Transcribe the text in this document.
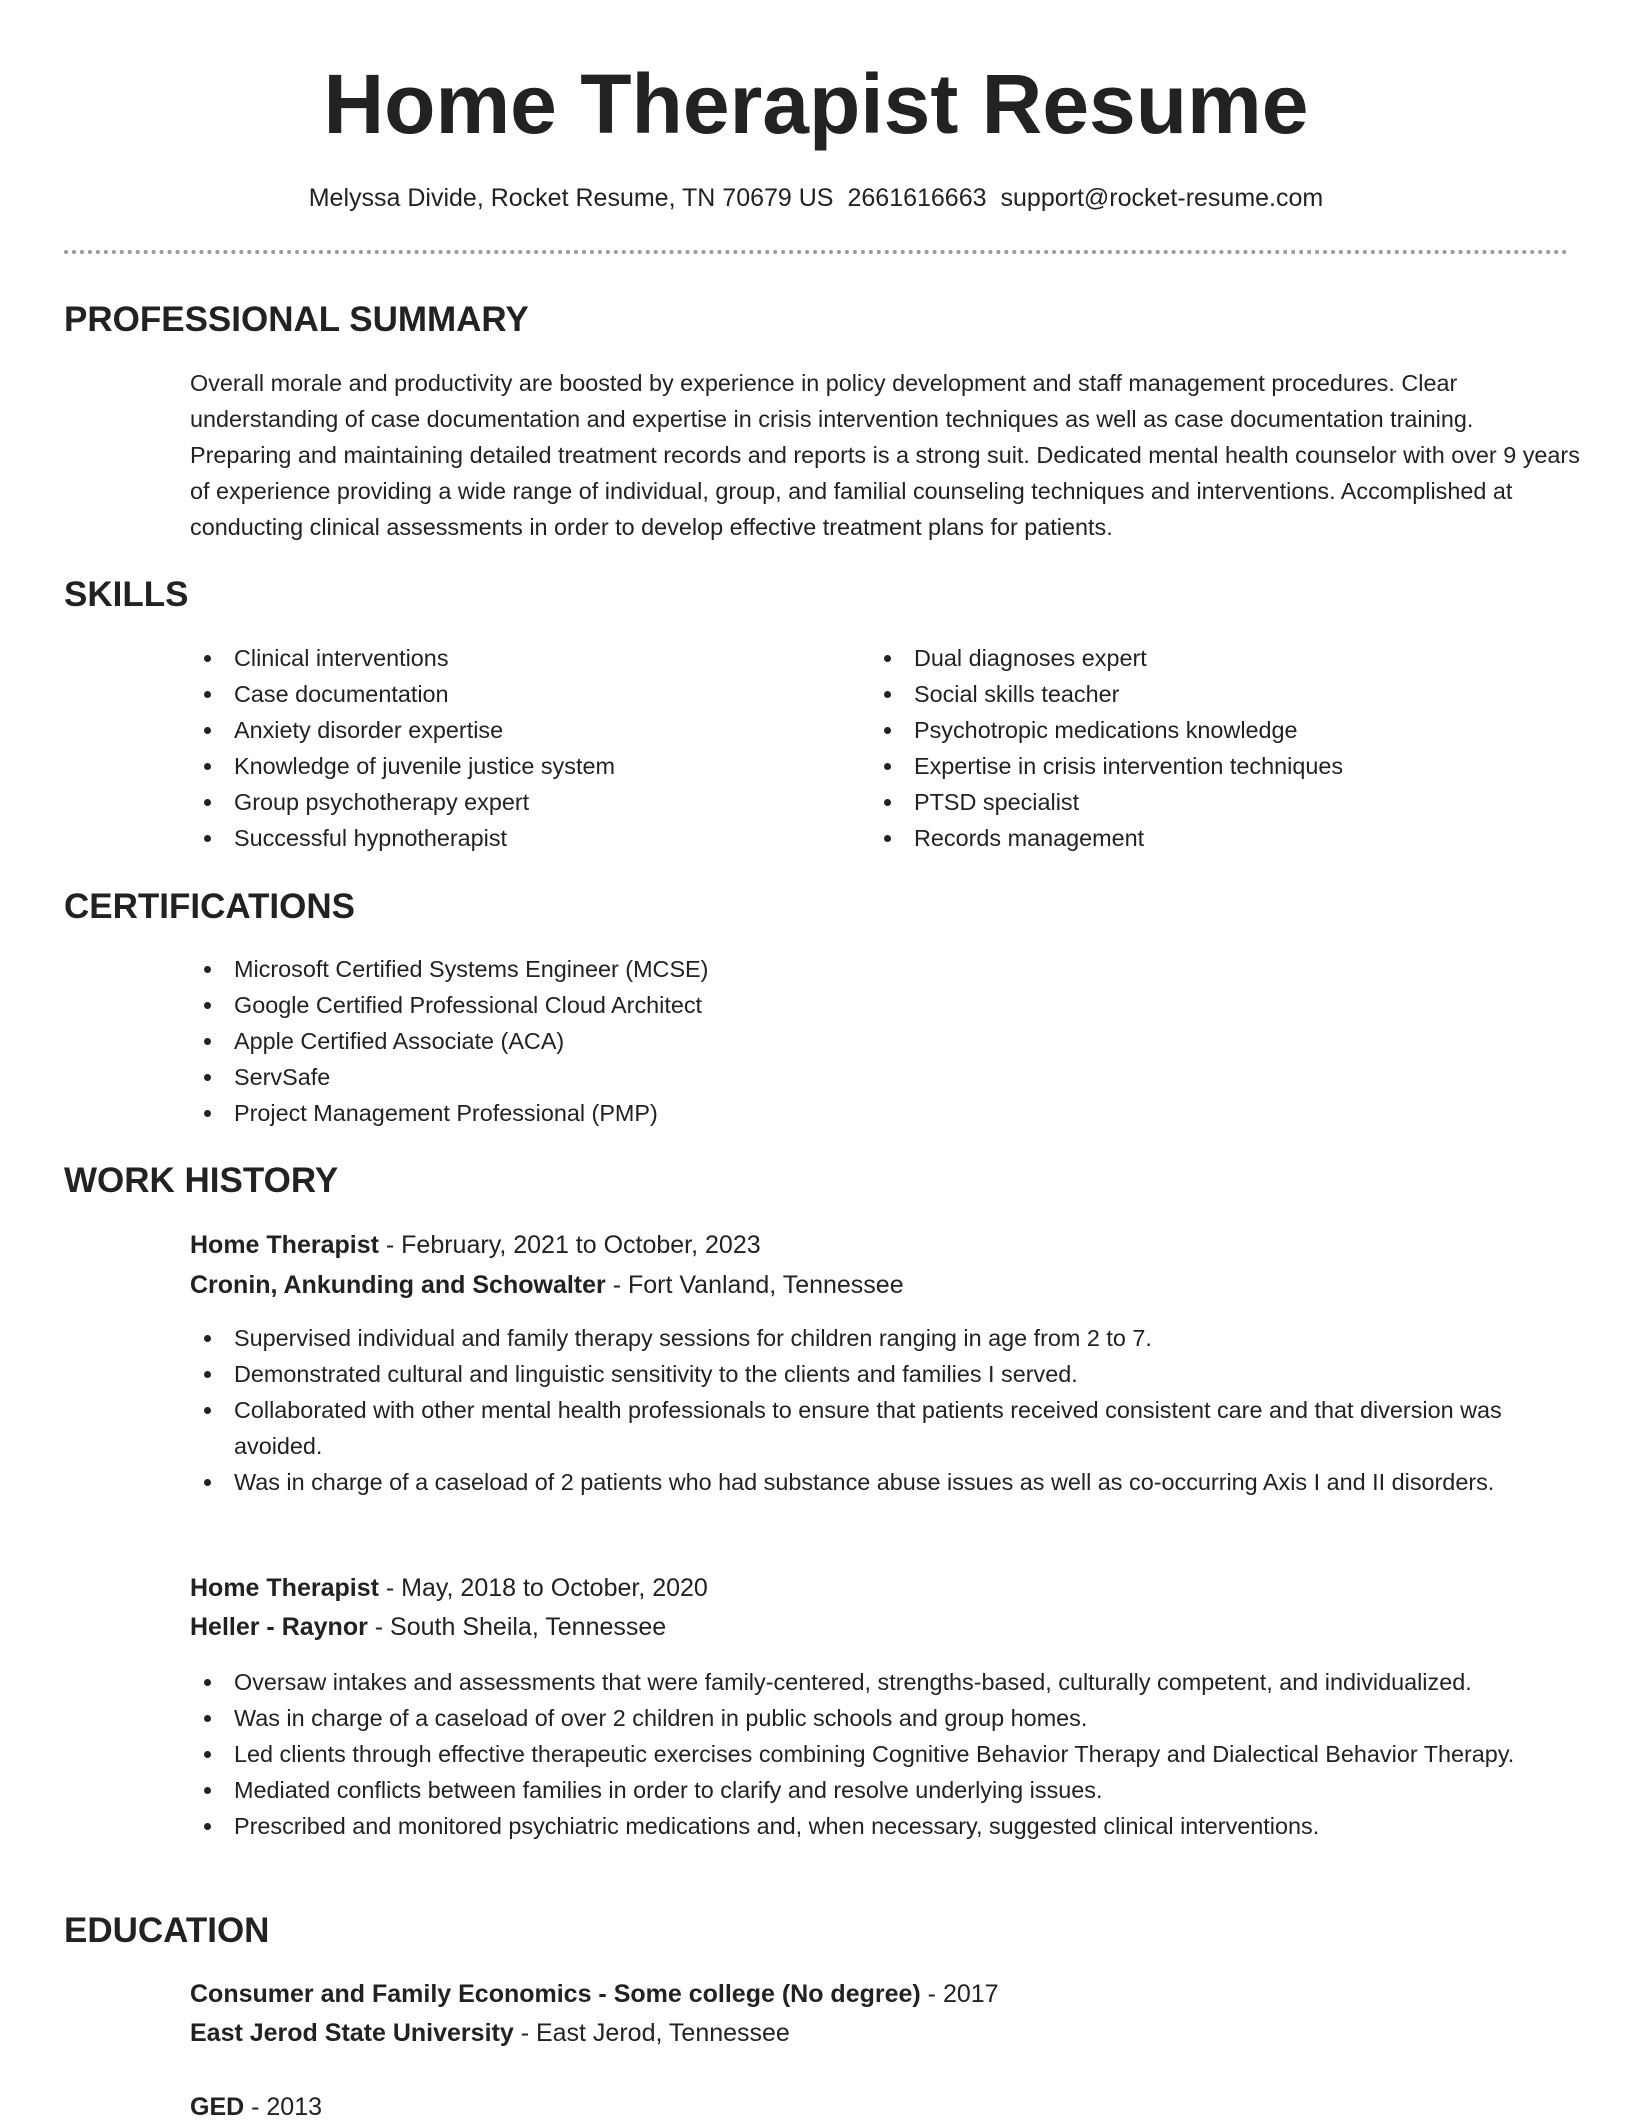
Home Therapist Resume
Melyssa Divide, Rocket Resume, TN 70679 US 2661616663 support@rocket-resume.com
PROFESSIONAL SUMMARY

Overall morale and productivity are boosted by experience in policy development and staff management procedures. Clear understanding of case documentation and expertise in crisis intervention techniques as well as case documentation training. Preparing and maintaining detailed treatment records and reports is a strong suit. Dedicated mental health counselor with over 9 years of experience providing a wide range of individual, group, and familial counseling techniques and interventions. Accomplished at conducting clinical assessments in order to develop effective treatment plans for patients.

SKILLS
Clinical interventions
Case documentation
Anxiety disorder expertise
Knowledge of juvenile justice system
Group psychotherapy expert
Successful hypnotherapist
Dual diagnoses expert
Social skills teacher
Psychotropic medications knowledge
Expertise in crisis intervention techniques
PTSD specialist
Records management
CERTIFICATIONS
Microsoft Certified Systems Engineer (MCSE)
Google Certified Professional Cloud Architect
Apple Certified Associate (ACA)
ServSafe
Project Management Professional (PMP)
WORK HISTORY
Home Therapist - February, 2021 to October, 2023
Cronin, Ankunding and Schowalter - Fort Vanland, Tennessee
Supervised individual and family therapy sessions for children ranging in age from 2 to 7.
Demonstrated cultural and linguistic sensitivity to the clients and families I served.
Collaborated with other mental health professionals to ensure that patients received consistent care and that diversion was avoided.
Was in charge of a caseload of 2 patients who had substance abuse issues as well as co-occurring Axis I and II disorders.
Home Therapist - May, 2018 to October, 2020
Heller - Raynor - South Sheila, Tennessee
Oversaw intakes and assessments that were family-centered, strengths-based, culturally competent, and individualized.
Was in charge of a caseload of over 2 children in public schools and group homes.
Led clients through effective therapeutic exercises combining Cognitive Behavior Therapy and Dialectical Behavior Therapy.
Mediated conflicts between families in order to clarify and resolve underlying issues.
Prescribed and monitored psychiatric medications and, when necessary, suggested clinical interventions.
EDUCATION
Consumer and Family Economics - Some college (No degree) - 2017
East Jerod State University - East Jerod, Tennessee
GED - 2013
